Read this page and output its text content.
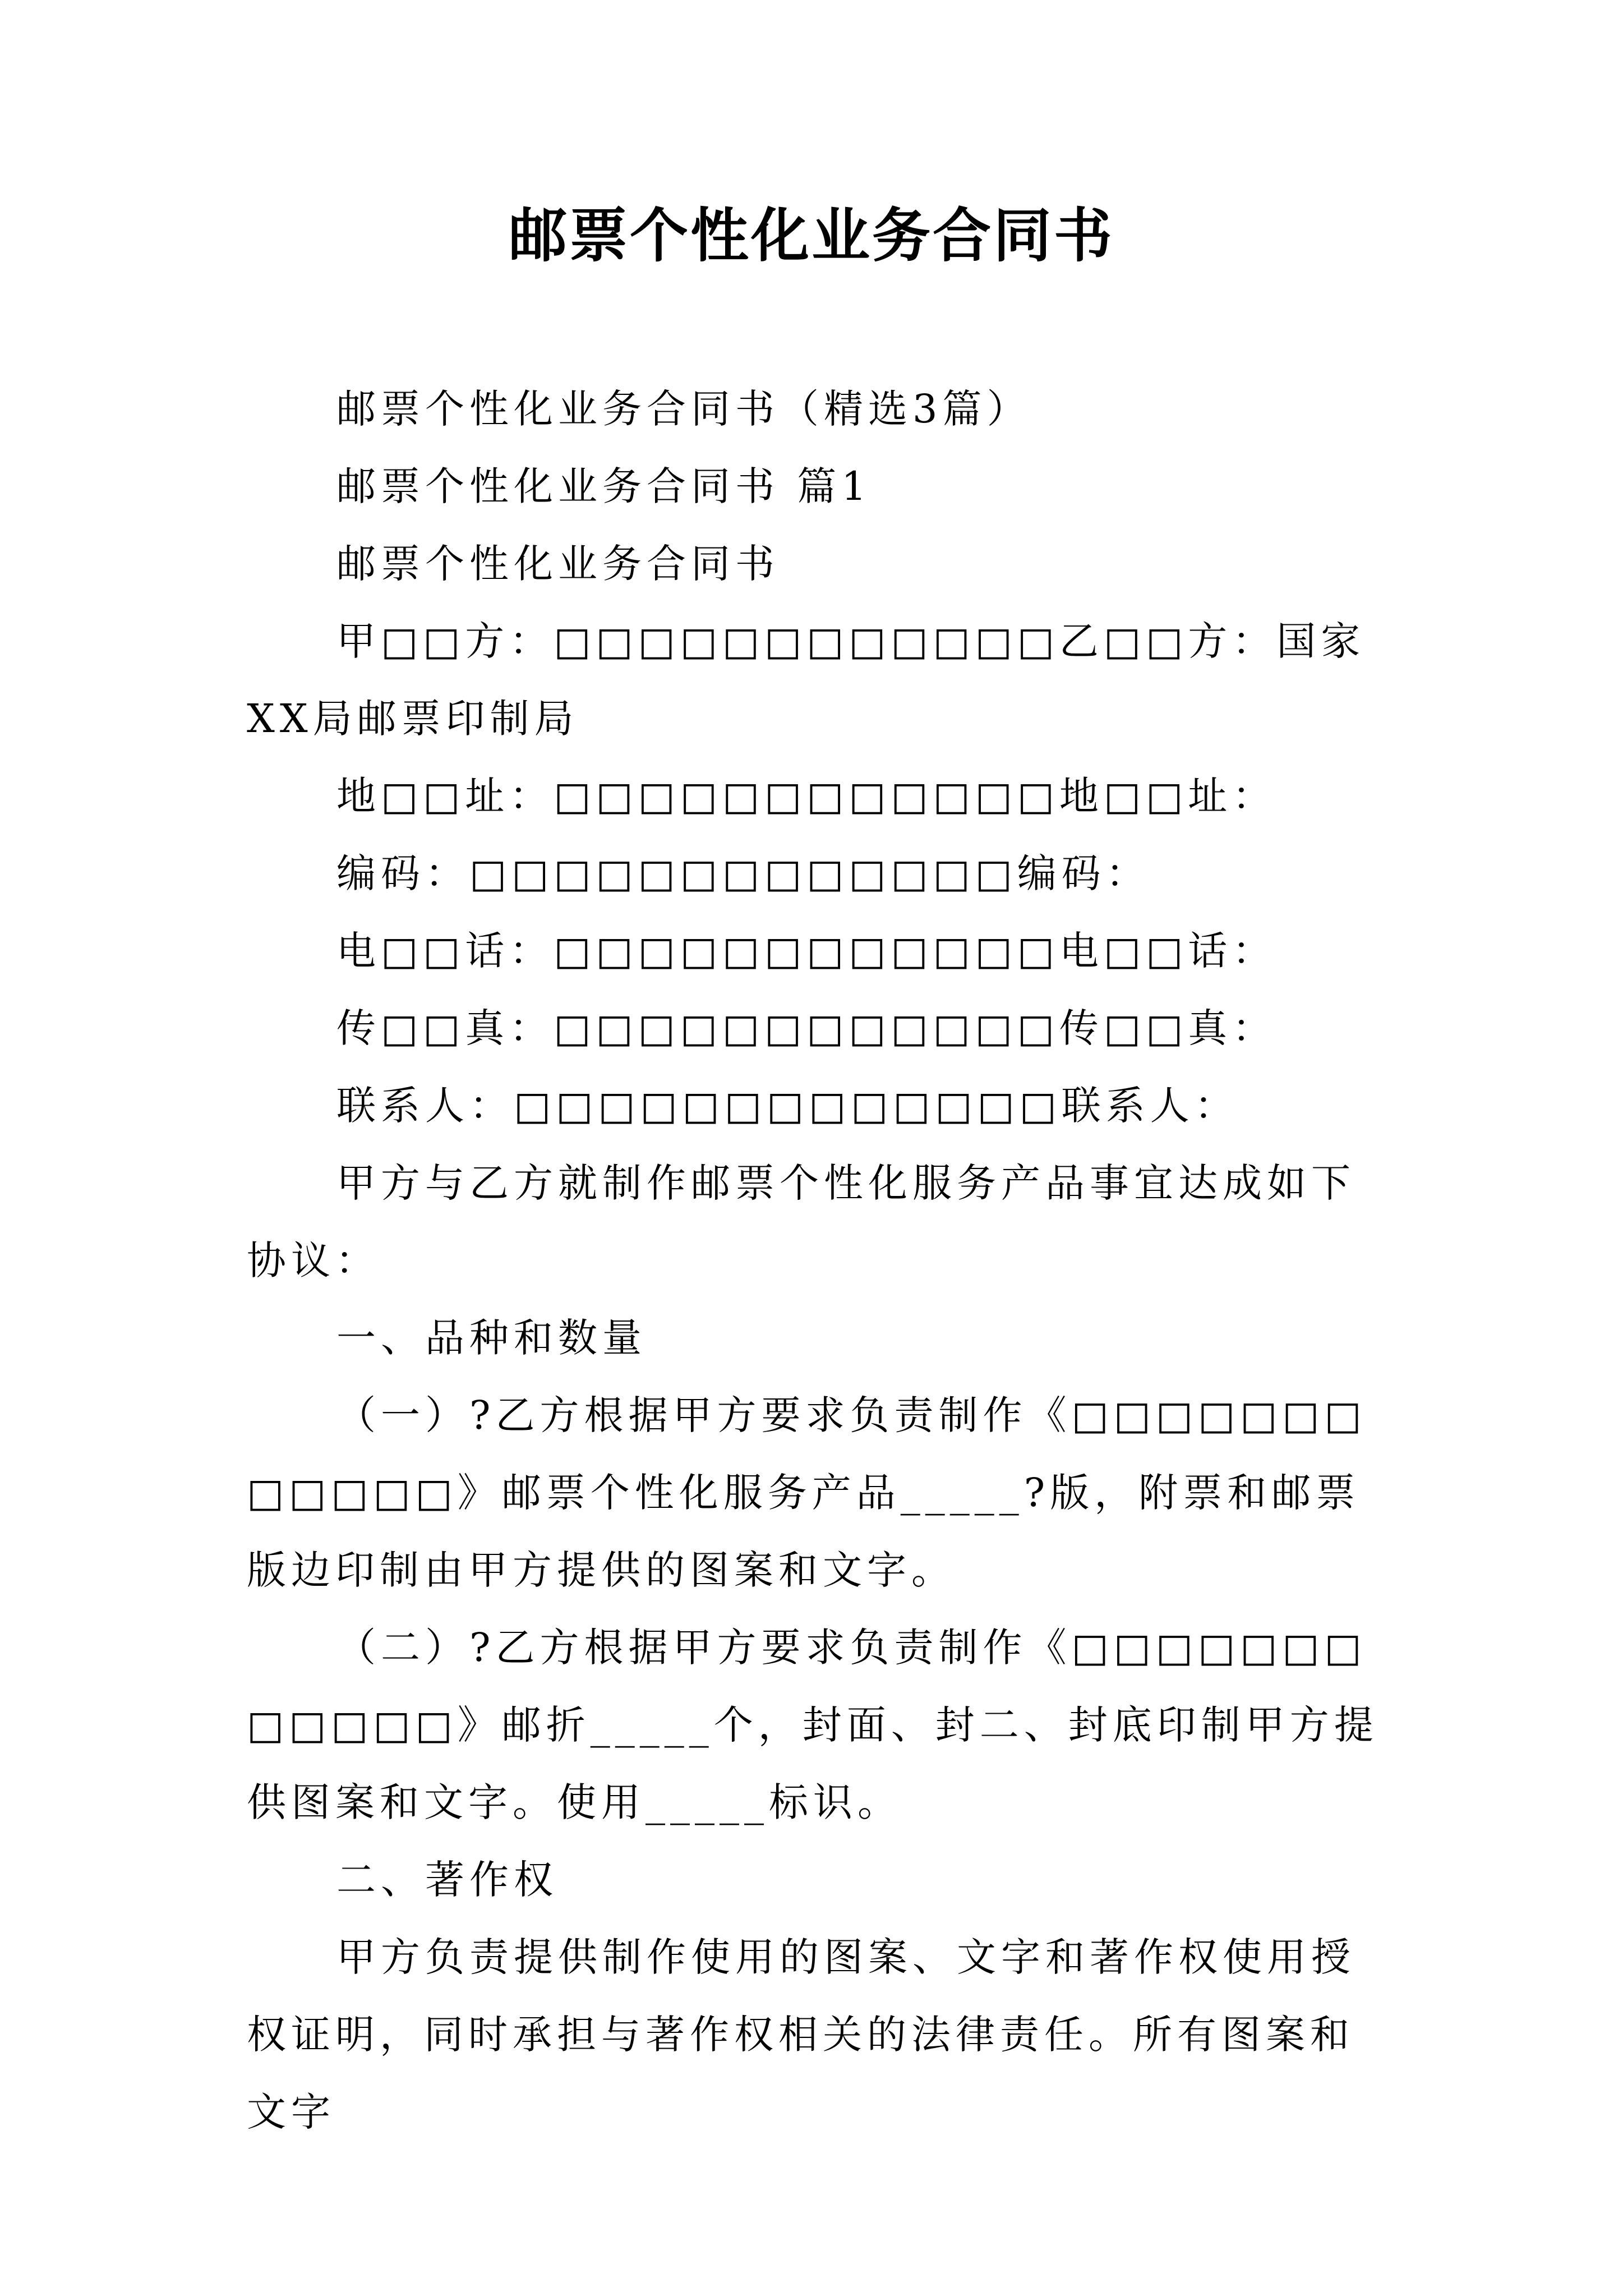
邮票个性化业务合同书

邮票个性化业务合同书（精选3篇）

邮票个性化业务合同书 篇1

邮票个性化业务合同书

甲□□方：□□□□□□□□□□□□乙□□方：国家XX局邮票印制局

地□□址：□□□□□□□□□□□□地□□址：

编码：□□□□□□□□□□□□□编码：

电□□话：□□□□□□□□□□□□电□□话：

传□□真：□□□□□□□□□□□□传□□真：

联系人：□□□□□□□□□□□□□联系人：

甲方与乙方就制作邮票个性化服务产品事宜达成如下协议：

一、品种和数量

（一）?乙方根据甲方要求负责制作《□□□□□□□□□□□□》邮票个性化服务产品_____?版，附票和邮票版边印制由甲方提供的图案和文字。

（二）?乙方根据甲方要求负责制作《□□□□□□□□□□□□》邮折_____个，封面、封二、封底印制甲方提供图案和文字。使用_____标识。

二、著作权

甲方负责提供制作使用的图案、文字和著作权使用授权证明，同时承担与著作权相关的法律责任。所有图案和文字
